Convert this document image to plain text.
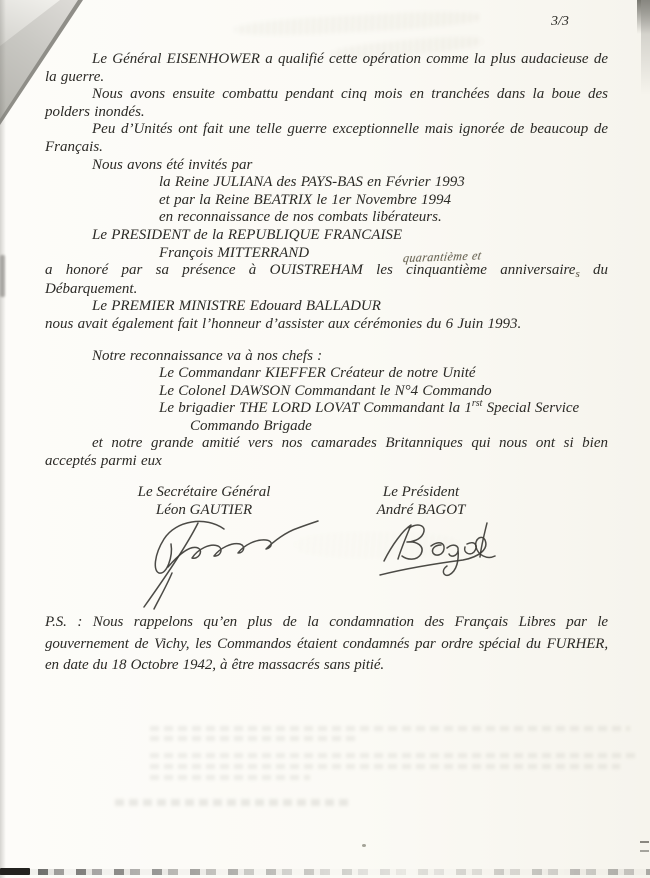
3/3
Le Général EISENHOWER a qualifié cette opération comme la plus audacieuse de
la guerre.
Nous avons ensuite combattu pendant cinq mois en tranchées dans la boue des
polders inondés.
Peu d’Unités ont fait une telle guerre exceptionnelle mais ignorée de beaucoup de
Français.
Nous avons été invités par
la Reine JULIANA des PAYS-BAS en Février 1993
et par la Reine BEATRIX le 1er Novembre 1994
en reconnaissance de nos combats libérateurs.
Le PRESIDENT de la REPUBLIQUE FRANCAISE
François MITTERRAND
a honoré par sa présence à OUISTREHAM les cinquantième
quarantième et
anniversaire$_s$ du
Débarquement.
Le PREMIER MINISTRE Edouard BALLADUR
nous avait également fait l’honneur d’assister aux cérémonies du 6 Juin 1993.
Notre reconnaissance va à nos chefs :
Le Commandanr KIEFFER Créateur de notre Unité
Le Colonel DAWSON Commandant le N°4 Commando
Le brigadier THE LORD LOVAT Commandant la $1^{rst}$ Special Service
Commando Brigade
et notre grande amitié vers nos camarades Britanniques qui nous ont si bien
acceptés parmi eux
Le Secrétaire Général
Léon GAUTIER
Le Président
André BAGOT
P.S. : Nous rappelons qu’en plus de la condamnation des Français Libres par le
gouvernement de Vichy, les Commandos étaient condamnés par ordre spécial du FURHER,
en date du 18 Octobre 1942, à être massacrés sans pitié.
